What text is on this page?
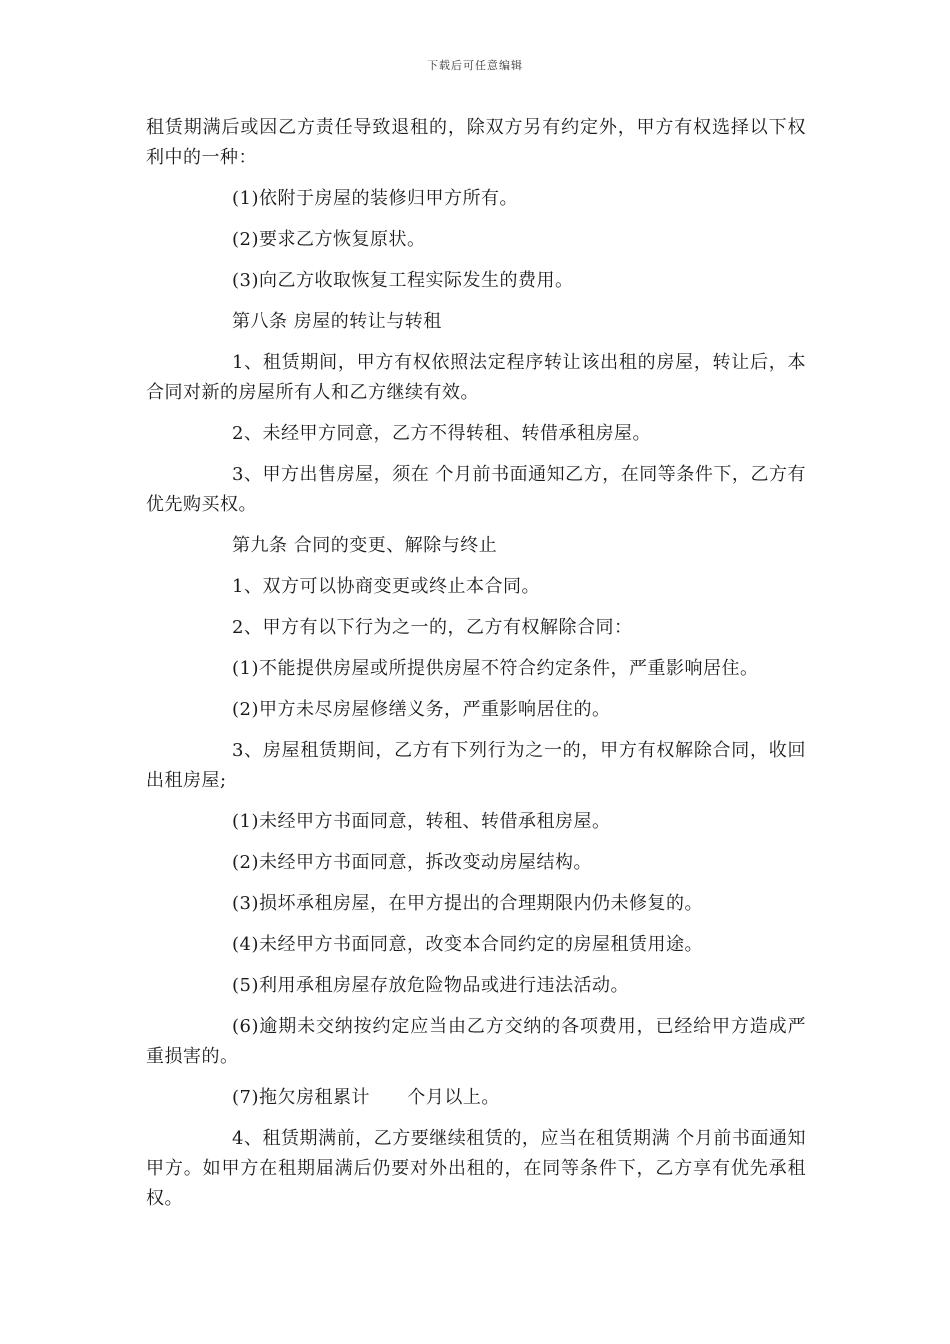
下载后可任意编辑

租赁期满后或因乙方责任导致退租的，除双方另有约定外，甲方有权选择以下权利中的一种：

(1)依附于房屋的装修归甲方所有。

(2)要求乙方恢复原状。

(3)向乙方收取恢复工程实际发生的费用。

第八条 房屋的转让与转租

1、租赁期间，甲方有权依照法定程序转让该出租的房屋，转让后，本合同对新的房屋所有人和乙方继续有效。

2、未经甲方同意，乙方不得转租、转借承租房屋。

3、甲方出售房屋，须在 个月前书面通知乙方，在同等条件下，乙方有优先购买权。

第九条 合同的变更、解除与终止

1、双方可以协商变更或终止本合同。

2、甲方有以下行为之一的，乙方有权解除合同：

(1)不能提供房屋或所提供房屋不符合约定条件，严重影响居住。

(2)甲方未尽房屋修缮义务，严重影响居住的。

3、房屋租赁期间，乙方有下列行为之一的，甲方有权解除合同，收回出租房屋;

(1)未经甲方书面同意，转租、转借承租房屋。

(2)未经甲方书面同意，拆改变动房屋结构。

(3)损坏承租房屋，在甲方提出的合理期限内仍未修复的。

(4)未经甲方书面同意，改变本合同约定的房屋租赁用途。

(5)利用承租房屋存放危险物品或进行违法活动。

(6)逾期未交纳按约定应当由乙方交纳的各项费用，已经给甲方造成严重损害的。

(7)拖欠房租累计      个月以上。

4、租赁期满前，乙方要继续租赁的，应当在租赁期满 个月前书面通知甲方。如甲方在租期届满后仍要对外出租的，在同等条件下，乙方享有优先承租权。
